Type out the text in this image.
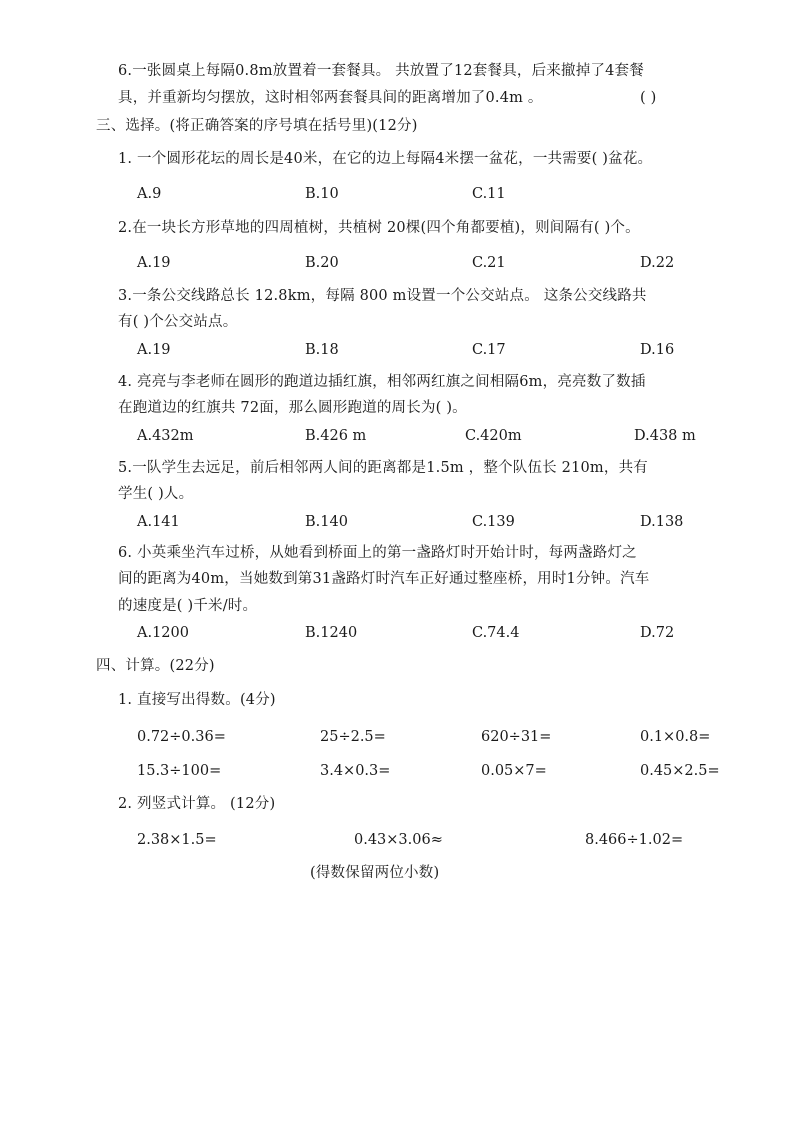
6.一张圆桌上每隔0.8m放置着一套餐具。 共放置了12套餐具，后来撤掉了4套餐
具，并重新均匀摆放，这时相邻两套餐具间的距离增加了0.4m 。	( )
三、选择。(将正确答案的序号填在括号里)(12分)
1. 一个圆形花坛的周长是40米，在它的边上每隔4米摆一盆花，一共需要( )盆花。
A.9	B.10	C.11
2.在一块长方形草地的四周植树，共植树 20棵(四个角都要植)，则间隔有( )个。
A.19	B.20	C.21	D.22
3.一条公交线路总长 12.8km，每隔 800 m设置一个公交站点。 这条公交线路共
有( )个公交站点。
A.19	B.18	C.17	D.16
4. 亮亮与李老师在圆形的跑道边插红旗，相邻两红旗之间相隔6m，亮亮数了数插
在跑道边的红旗共 72面，那么圆形跑道的周长为( )。
A.432m	B.426 m	C.420m	D.438 m
5.一队学生去远足，前后相邻两人间的距离都是1.5m ，整个队伍长 210m，共有
学生( )人。
A.141	B.140	C.139	D.138
6. 小英乘坐汽车过桥，从她看到桥面上的第一盏路灯时开始计时，每两盏路灯之
间的距离为40m，当她数到第31盏路灯时汽车正好通过整座桥，用时1分钟。汽车
的速度是( )千米/时。
A.1200	B.1240	C.74.4	D.72
四、计算。(22分)
1. 直接写出得数。(4分)
0.72÷0.36=	25÷2.5=	620÷31=	0.1×0.8=
15.3÷100=	3.4×0.3=	0.05×7=	0.45×2.5=
2. 列竖式计算。 (12分)
2.38×1.5=	0.43×3.06≈	8.466÷1.02=
(得数保留两位小数)
